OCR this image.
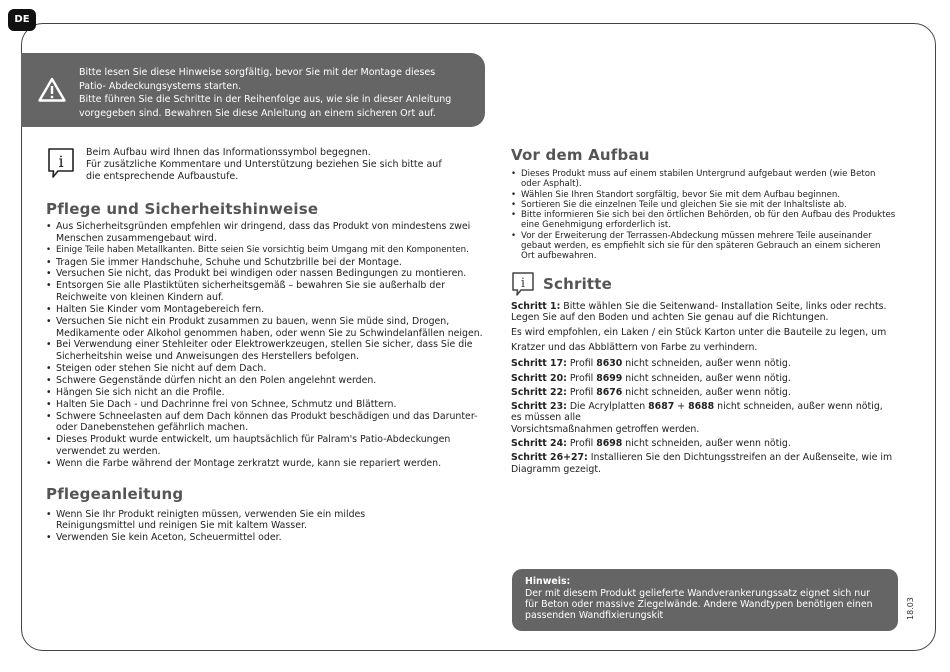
DE
Bitte lesen Sie diese Hinweise sorgfältig, bevor Sie mit der Montage dieses
Patio- Abdeckungsystems starten.
Bitte führen Sie die Schritte in der Reihenfolge aus, wie sie in dieser Anleitung
vorgegeben sind. Bewahren Sie diese Anleitung an einem sicheren Ort auf.
i Beim Aufbau wird Ihnen das Informationssymbol begegnen.
Für zusätzliche Kommentare und Unterstützung beziehen Sie sich bitte auf
die entsprechende Aufbaustufe.
Pflege und Sicherheitshinweise
• Aus Sicherheitsgründen empfehlen wir dringend, dass das Produkt von mindestens zwei Menschen zusammengebaut wird.
• Einige Teile haben Metallkanten. Bitte seien Sie vorsichtig beim Umgang mit den Komponenten.
• Tragen Sie immer Handschuhe, Schuhe und Schutzbrille bei der Montage.
• Versuchen Sie nicht, das Produkt bei windigen oder nassen Bedingungen zu montieren.
• Entsorgen Sie alle Plastiktüten sicherheitsgemäß – bewahren Sie sie außerhalb der Reichweite von kleinen Kindern auf.
• Halten Sie Kinder vom Montagebereich fern.
• Versuchen Sie nicht ein Produkt zusammen zu bauen, wenn Sie müde sind, Drogen, Medikamente oder Alkohol genommen haben, oder wenn Sie zu Schwindelanfällen neigen.
• Bei Verwendung einer Stehleiter oder Elektrowerkzeugen, stellen Sie sicher, dass Sie die Sicherheitshin weise und Anweisungen des Herstellers befolgen.
• Steigen oder stehen Sie nicht auf dem Dach.
• Schwere Gegenstände dürfen nicht an den Polen angelehnt werden.
• Hängen Sie sich nicht an die Profile.
• Halten Sie Dach - und Dachrinne frei von Schnee, Schmutz und Blättern.
• Schwere Schneelasten auf dem Dach können das Produkt beschädigen und das Darunter- oder Danebenstehen gefährlich machen.
• Dieses Produkt wurde entwickelt, um hauptsächlich für Palram's Patio-Abdeckungen verwendet zu werden.
• Wenn die Farbe während der Montage zerkratzt wurde, kann sie repariert werden.
Pflegeanleitung
• Wenn Sie Ihr Produkt reinigten müssen, verwenden Sie ein mildes Reinigungsmittel und reinigen Sie mit kaltem Wasser.
• Verwenden Sie kein Aceton, Scheuermittel oder.
Vor dem Aufbau
• Dieses Produkt muss auf einem stabilen Untergrund aufgebaut werden (wie Beton oder Asphalt).
• Wählen Sie Ihren Standort sorgfältig, bevor Sie mit dem Aufbau beginnen.
• Sortieren Sie die einzelnen Teile und gleichen Sie sie mit der Inhaltsliste ab.
• Bitte informieren Sie sich bei den örtlichen Behörden, ob für den Aufbau des Produktes eine Genehmigung erforderlich ist.
• Vor der Erweiterung der Terrassen-Abdeckung müssen mehrere Teile auseinander gebaut werden, es empfiehlt sich sie für den späteren Gebrauch an einem sicheren Ort aufbewahren.
i Schritte

Schritt 1: Bitte wählen Sie die Seitenwand- Installation Seite, links oder rechts. Legen Sie auf den Boden und achten Sie genau auf die Richtungen.

Es wird empfohlen, ein Laken / ein Stück Karton unter die Bauteile zu legen, um Kratzer und das Abblättern von Farbe zu verhindern.

Schritt 17: Profil 8630 nicht schneiden, außer wenn nötig.

Schritt 20: Profil 8699 nicht schneiden, außer wenn nötig.

Schritt 22: Profil 8676 nicht schneiden, außer wenn nötig.

Schritt 23: Die Acrylplatten 8687 + 8688 nicht schneiden, außer wenn nötig, es müssen alle

Vorsichtsmaßnahmen getroffen werden.

Schritt 24: Profil 8698 nicht schneiden, außer wenn nötig.

Schritt 26+27: Installieren Sie den Dichtungsstreifen an der Außenseite, wie im Diagramm gezeigt.

Hinweis:
Der mit diesem Produkt gelieferte Wandverankerungssatz eignet sich nur für Beton oder massive Ziegelwände. Andere Wandtypen benötigen einen passenden Wandfixierungskit	18.03
